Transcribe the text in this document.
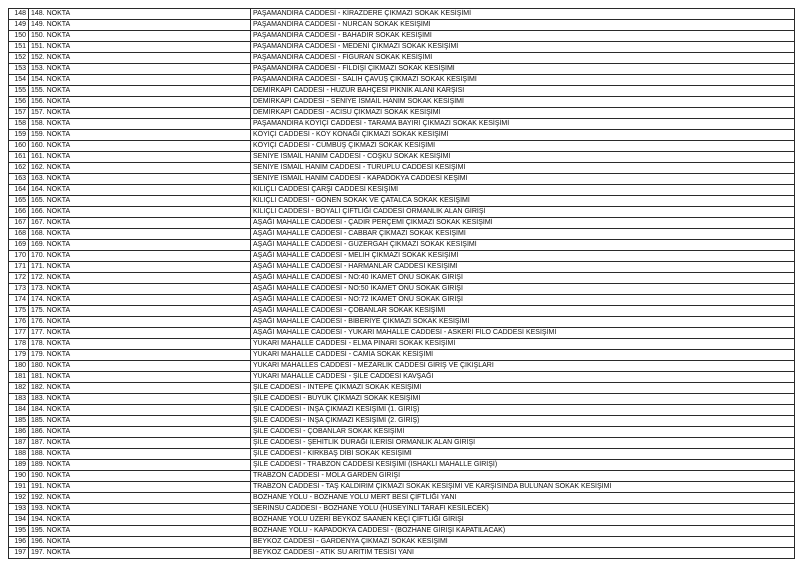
148	148. NOKTA	PAŞAMANDIRA CADDESİ - KİRAZDERE ÇIKMAZI SOKAK KESİŞİMİ
149	149. NOKTA	PAŞAMANDIRA CADDESİ - NURCAN SOKAK KESİŞİMİ
150	150. NOKTA	PAŞAMANDIRA CADDESİ - BAHADIR SOKAK KESİŞİMİ
151	151. NOKTA	PAŞAMANDIRA CADDESİ - MEDENİ ÇIKMAZI SOKAK KESİŞİMİ
152	152. NOKTA	PAŞAMANDIRA CADDESİ - FİGURAN SOKAK KESİŞİMİ
153	153. NOKTA	PAŞAMANDIRA CADDESİ - FİLDİŞİ ÇIKMAZI SOKAK KESİŞİMİ
154	154. NOKTA	PAŞAMANDIRA CADDESİ - SALİH ÇAVUŞ ÇIKMAZI SOKAK KESİŞİMİ
155	155. NOKTA	DEMİRKAPI CADDESİ - HUZUR BAHÇESİ PİKNİK ALANI KARŞISI
156	156. NOKTA	DEMİRKAPI CADDESİ - SENİYE İSMAİL HANIM SOKAK KESİŞİMİ
157	157. NOKTA	DEMİRKAPI CADDESİ - ACISU ÇIKMAZI SOKAK KESİŞİMİ
158	158. NOKTA	PAŞAMANDIRA KÖYİÇİ CADDESİ - TARAMA BAYIRI ÇIKMAZI SOKAK KESİŞİMİ
159	159. NOKTA	KÖYİÇİ CADDESİ - KÖY KONAĞI ÇIKMAZI SOKAK KESİŞİMİ
160	160. NOKTA	KÖYİÇİ CADDESİ - CÜMBÜŞ ÇIKMAZI SOKAK KESİŞİMİ
161	161. NOKTA	SENİYE İSMAİL HANIM CADDESİ - COŞKU SOKAK KESİŞİMİ
162	162. NOKTA	SENİYE İSMAİL HANIM CADDESİ - TURUPLU CADDESİ KESİŞİMİ
163	163. NOKTA	SENİYE İSMAİL HANIM CADDESİ - KAPADOKYA CADDESİ KEŞİMİ
164	164. NOKTA	KILIÇLI CADDESİ ÇARŞI CADDESİ KESİŞİMİ
165	165. NOKTA	KILIÇLI CADDESİ - GÖNEN SOKAK VE ÇATALCA SOKAK KESİŞİMİ
166	166. NOKTA	KILIÇLI CADDESİ - BOYALI ÇİFTLİĞİ CADDESİ ORMANLIK ALAN GİRİŞİ
167	167. NOKTA	AŞAĞI MAHALLE CADDESİ - ÇADIR PERÇEMİ ÇIKMAZI SOKAK KESİŞİMİ
168	168. NOKTA	AŞAĞI MAHALLE CADDESİ - CABBAR ÇIKMAZI SOKAK KESİŞİMİ
169	169. NOKTA	AŞAĞI MAHALLE CADDESİ - GÜZERGAH ÇIKMAZI SOKAK KESİŞİMİ
170	170. NOKTA	AŞAĞI MAHALLE CADDESİ - MELİH ÇIKMAZI SOKAK KESİŞİMİ
171	171. NOKTA	AŞAĞI MAHALLE CADDESİ - HARMANLAR CADDESİ KESİŞİMİ
172	172. NOKTA	AŞAĞI MAHALLE CADDESİ - NO:40 İKAMET ÖNÜ SOKAK GİRİŞİ
173	173. NOKTA	AŞAĞI MAHALLE CADDESİ - NO:50 İKAMET ÖNÜ SOKAK GİRİŞİ
174	174. NOKTA	AŞAĞI MAHALLE CADDESİ - NO:72 İKAMET ÖNÜ SOKAK GİRİŞİ
175	175. NOKTA	AŞAĞI MAHALLE CADDESİ - ÇOBANLAR SOKAK KESİŞİMİ
176	176. NOKTA	AŞAĞI MAHALLE CADDESİ - BİBERİYE ÇIKMAZI SOKAK KESİŞİMİ
177	177. NOKTA	AŞAĞI MAHALLE CADDESİ - YUKARI MAHALLE CADDESİ - ASKERİ FİLO CADDESİ KESİŞİMİ
178	178. NOKTA	YUKARI MAHALLE CADDESİ - ELMA PINARI SOKAK KESİŞİMİ
179	179. NOKTA	YUKARI MAHALLE CADDESİ - CAMİA SOKAK KESİŞİMİ
180	180. NOKTA	YUKARI MAHALLES CADDESİ - MEZARLIK CADDESİ GİRİŞ VE ÇIKIŞLARI
181	181. NOKTA	YUKARI MAHALLE CADDESİ - ŞİLE CADDESİ KAVŞAĞI
182	182. NOKTA	ŞİLE CADDESİ - İNTEPE ÇIKMAZI SOKAK KESİŞİMİ
183	183. NOKTA	ŞİLE CADDESİ - BÜYÜK ÇIKMAZI SOKAK KESİŞİMİ
184	184. NOKTA	ŞİLE CADDESİ - İNŞA ÇIKMAZI KESİŞİMİ (1. GİRİŞ)
185	185. NOKTA	ŞİLE CADDESİ - İNŞA ÇIKMAZI KESİŞİMİ (2. GİRİŞ)
186	186. NOKTA	ŞİLE CADDESİ - ÇOBANLAR SOKAK KESİŞİMİ
187	187. NOKTA	ŞİLE CADDESİ - ŞEHİTLİK DURAĞI İLERİSİ ORMANLIK ALAN GİRİŞİ
188	188. NOKTA	ŞİLE CADDESİ - KIRKBAŞ DİBİ SOKAK KESİŞİMİ
189	189. NOKTA	ŞİLE CADDESİ - TRABZON CADDESİ KESİŞİMİ (İSHAKLI MAHALLE GİRİŞİ)
190	190. NOKTA	TRABZON CADDESİ - MOLA GARDEN GİRİŞİ
191	191. NOKTA	TRABZON CADDESİ - TAŞ KALDIRIM ÇIKMAZI SOKAK KESİŞİMİ VE KARŞISINDA BULUNAN SOKAK KESİŞİMİ
192	192. NOKTA	BOZHANE YOLU - BOZHANE YOLU MERT BESİ ÇİFTLİĞİ YANI
193	193. NOKTA	SERİNSU CADDESİ - BOZHANE YOLU (HÜSEYİNLİ TARAFI KESİLECEK)
194	194. NOKTA	BOZHANE YOLU ÜZERİ BEYKOZ SAANEN KEÇİ ÇİFTLİĞİ GİRİŞİ
195	195. NOKTA	BOZHANE YOLU - KAPADOKYA CADDESİ - (BOZHANE GİRİŞİ KAPATILACAK)
196	196. NOKTA	BEYKOZ CADDESİ - GARDENYA ÇIKMAZI SOKAK KESİŞİMİ
197	197. NOKTA	BEYKOZ CADDESİ - ATIK SU ARITIM TESİSİ YANI
